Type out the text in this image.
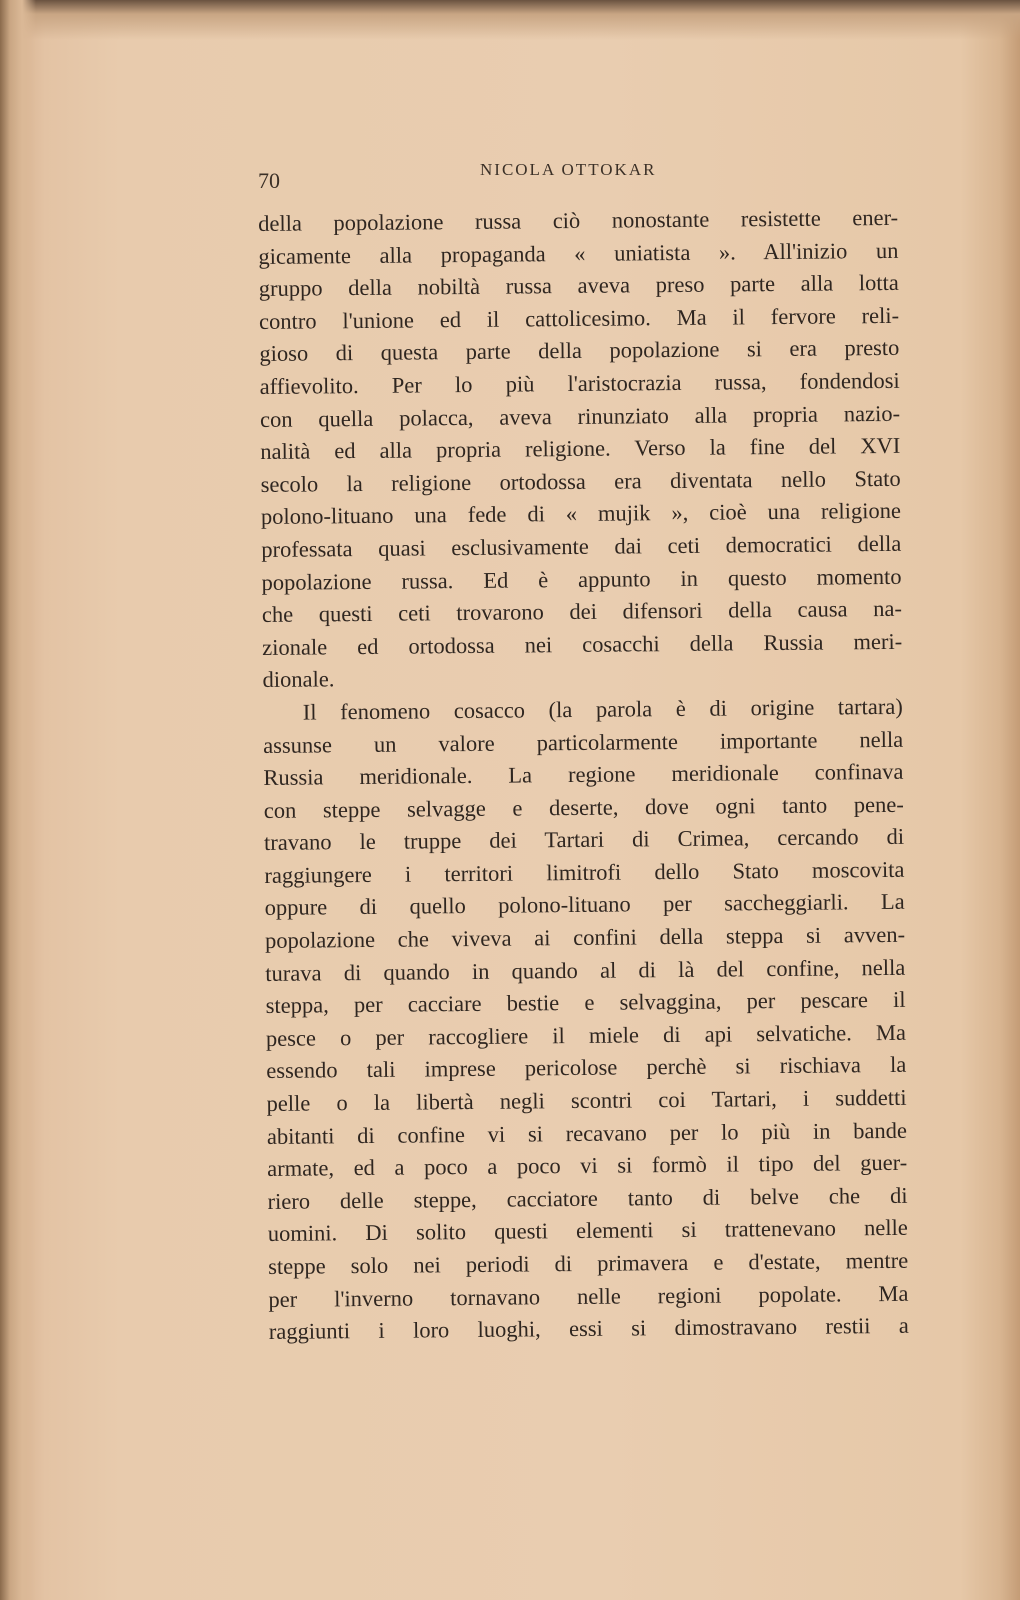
70	NICOLA OTTOKAR
della popolazione russa ciò nonostante resistette ener-
gicamente alla propaganda « uniatista ». All'inizio un
gruppo della nobiltà russa aveva preso parte alla lotta
contro l'unione ed il cattolicesimo. Ma il fervore reli-
gioso di questa parte della popolazione si era presto
affievolito. Per lo più l'aristocrazia russa, fondendosi
con quella polacca, aveva rinunziato alla propria nazio-
nalità ed alla propria religione. Verso la fine del XVI
secolo la religione ortodossa era diventata nello Stato
polono-lituano una fede di « mujik », cioè una religione
professata quasi esclusivamente dai ceti democratici della
popolazione russa. Ed è appunto in questo momento
che questi ceti trovarono dei difensori della causa na-
zionale ed ortodossa nei cosacchi della Russia meri-
dionale.
Il fenomeno cosacco (la parola è di origine tartara)
assunse un valore particolarmente importante nella
Russia meridionale. La regione meridionale confinava
con steppe selvagge e deserte, dove ogni tanto pene-
travano le truppe dei Tartari di Crimea, cercando di
raggiungere i territori limitrofi dello Stato moscovita
oppure di quello polono-lituano per saccheggiarli. La
popolazione che viveva ai confini della steppa si avven-
turava di quando in quando al di là del confine, nella
steppa, per cacciare bestie e selvaggina, per pescare il
pesce o per raccogliere il miele di api selvatiche. Ma
essendo tali imprese pericolose perchè si rischiava la
pelle o la libertà negli scontri coi Tartari, i suddetti
abitanti di confine vi si recavano per lo più in bande
armate, ed a poco a poco vi si formò il tipo del guer-
riero delle steppe, cacciatore tanto di belve che di
uomini. Di solito questi elementi si trattenevano nelle
steppe solo nei periodi di primavera e d'estate, mentre
per l'inverno tornavano nelle regioni popolate. Ma
raggiunti i loro luoghi, essi si dimostravano restii a
